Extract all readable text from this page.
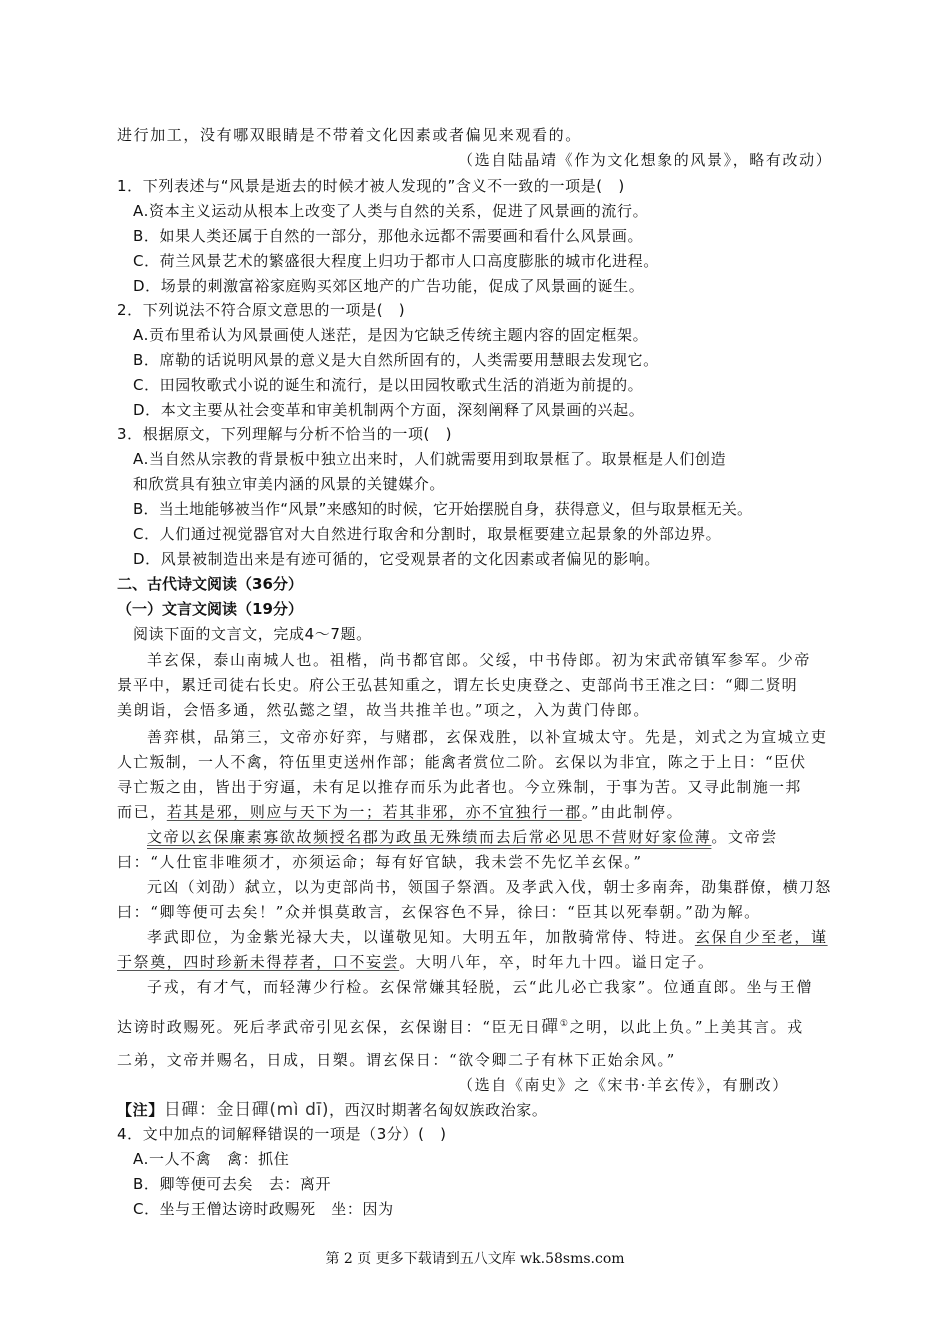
进行加工，没有哪双眼睛是不带着文化因素或者偏见来观看的。
（选自陆晶靖《作为文化想象的风景》，略有改动）
1．下列表述与“风景是逝去的时候才被人发现的”含义不一致的一项是(　)
A.资本主义运动从根本上改变了人类与自然的关系，促进了风景画的流行。
B．如果人类还属于自然的一部分，那他永远都不需要画和看什么风景画。
C．荷兰风景艺术的繁盛很大程度上归功于都市人口高度膨胀的城市化进程。
D．场景的刺激富裕家庭购买郊区地产的广告功能，促成了风景画的诞生。
2．下列说法不符合原文意思的一项是(　)
A.贡布里希认为风景画使人迷茫，是因为它缺乏传统主题内容的固定框架。
B．席勒的话说明风景的意义是大自然所固有的，人类需要用慧眼去发现它。
C．田园牧歌式小说的诞生和流行，是以田园牧歌式生活的消逝为前提的。
D．本文主要从社会变革和审美机制两个方面，深刻阐释了风景画的兴起。
3．根据原文，下列理解与分析不恰当的一项(　)
A.当自然从宗教的背景板中独立出来时，人们就需要用到取景框了。取景框是人们创造
和欣赏具有独立审美内涵的风景的关键媒介。
B．当土地能够被当作“风景”来感知的时候，它开始摆脱自身，获得意义，但与取景框无关。
C．人们通过视觉器官对大自然进行取舍和分割时，取景框要建立起景象的外部边界。
D．风景被制造出来是有迹可循的，它受观景者的文化因素或者偏见的影响。
二、古代诗文阅读（36分）
（一）文言文阅读（19分）
阅读下面的文言文，完成4～7题。
羊玄保，泰山南城人也。祖楷，尚书都官郎。父绥，中书侍郎。初为宋武帝镇军参军。少帝
景平中，累迁司徒右长史。府公王弘甚知重之，谓左长史庚登之、吏部尚书王准之曰：“卿二贤明
美朗诣，会悟多通，然弘懿之望，故当共推羊也。”项之，入为黄门侍郎。
善弈棋，品第三，文帝亦好弈，与赌郡，玄保戏胜，以补宣城太守。先是，刘式之为宣城立吏
人亡叛制，一人不禽，符伍里吏送州作部；能禽者赏位二阶。玄保以为非宜，陈之于上日：“臣伏
寻亡叛之由，皆出于穷逼，未有足以推存而乐为此者也。今立殊制，于事为苦。又寻此制施一邦
而已，若其是邪，则应与天下为一；若其非邪，亦不宜独行一郡。”由此制停。
文帝以玄保廉素寡欲故频授名郡为政虽无殊绩而去后常必见思不营财好家俭薄。文帝尝
曰：“人仕宦非唯须才，亦须运命；每有好官缺，我未尝不先忆羊玄保。”
元凶（刘劭）弑立，以为吏部尚书，领国子祭酒。及孝武入伐，朝士多南奔，劭集群僚，横刀怒
曰：“卿等便可去矣！”众并惧莫敢言，玄保容色不异，徐曰：“臣其以死奉朝。”劭为解。
孝武即位，为金紫光禄大夫，以谨敬见知。大明五年，加散骑常侍、特进。玄保自少至老，谨
于祭奠，四时珍新未得荐者，口不妄尝。大明八年，卒，时年九十四。谥日定子。
子戎，有才气，而轻薄少行检。玄保常嫌其轻脱，云“此儿必亡我家”。位通直郎。坐与王僧
达谤时政赐死。死后孝武帝引见玄保，玄保谢目：“臣无日磾①之明，以此上负。”上美其言。戎
二弟，文帝并赐名，日成，日槊。谓玄保日：“欲令卿二子有林下正始余风。”
（选自《南史》之《宋书·羊玄传》，有删改）
【注】日磾：金日磾(mì dī)，西汉时期著名匈奴族政治家。
4．文中加点的词解释错误的一项是（3分）(　)
A.一人不禽　禽：抓住
B．卿等便可去矣　去：离开
C．坐与王僧达谤时政赐死　坐：因为
第 2 页 更多下载请到五八文库 wk.58sms.com
